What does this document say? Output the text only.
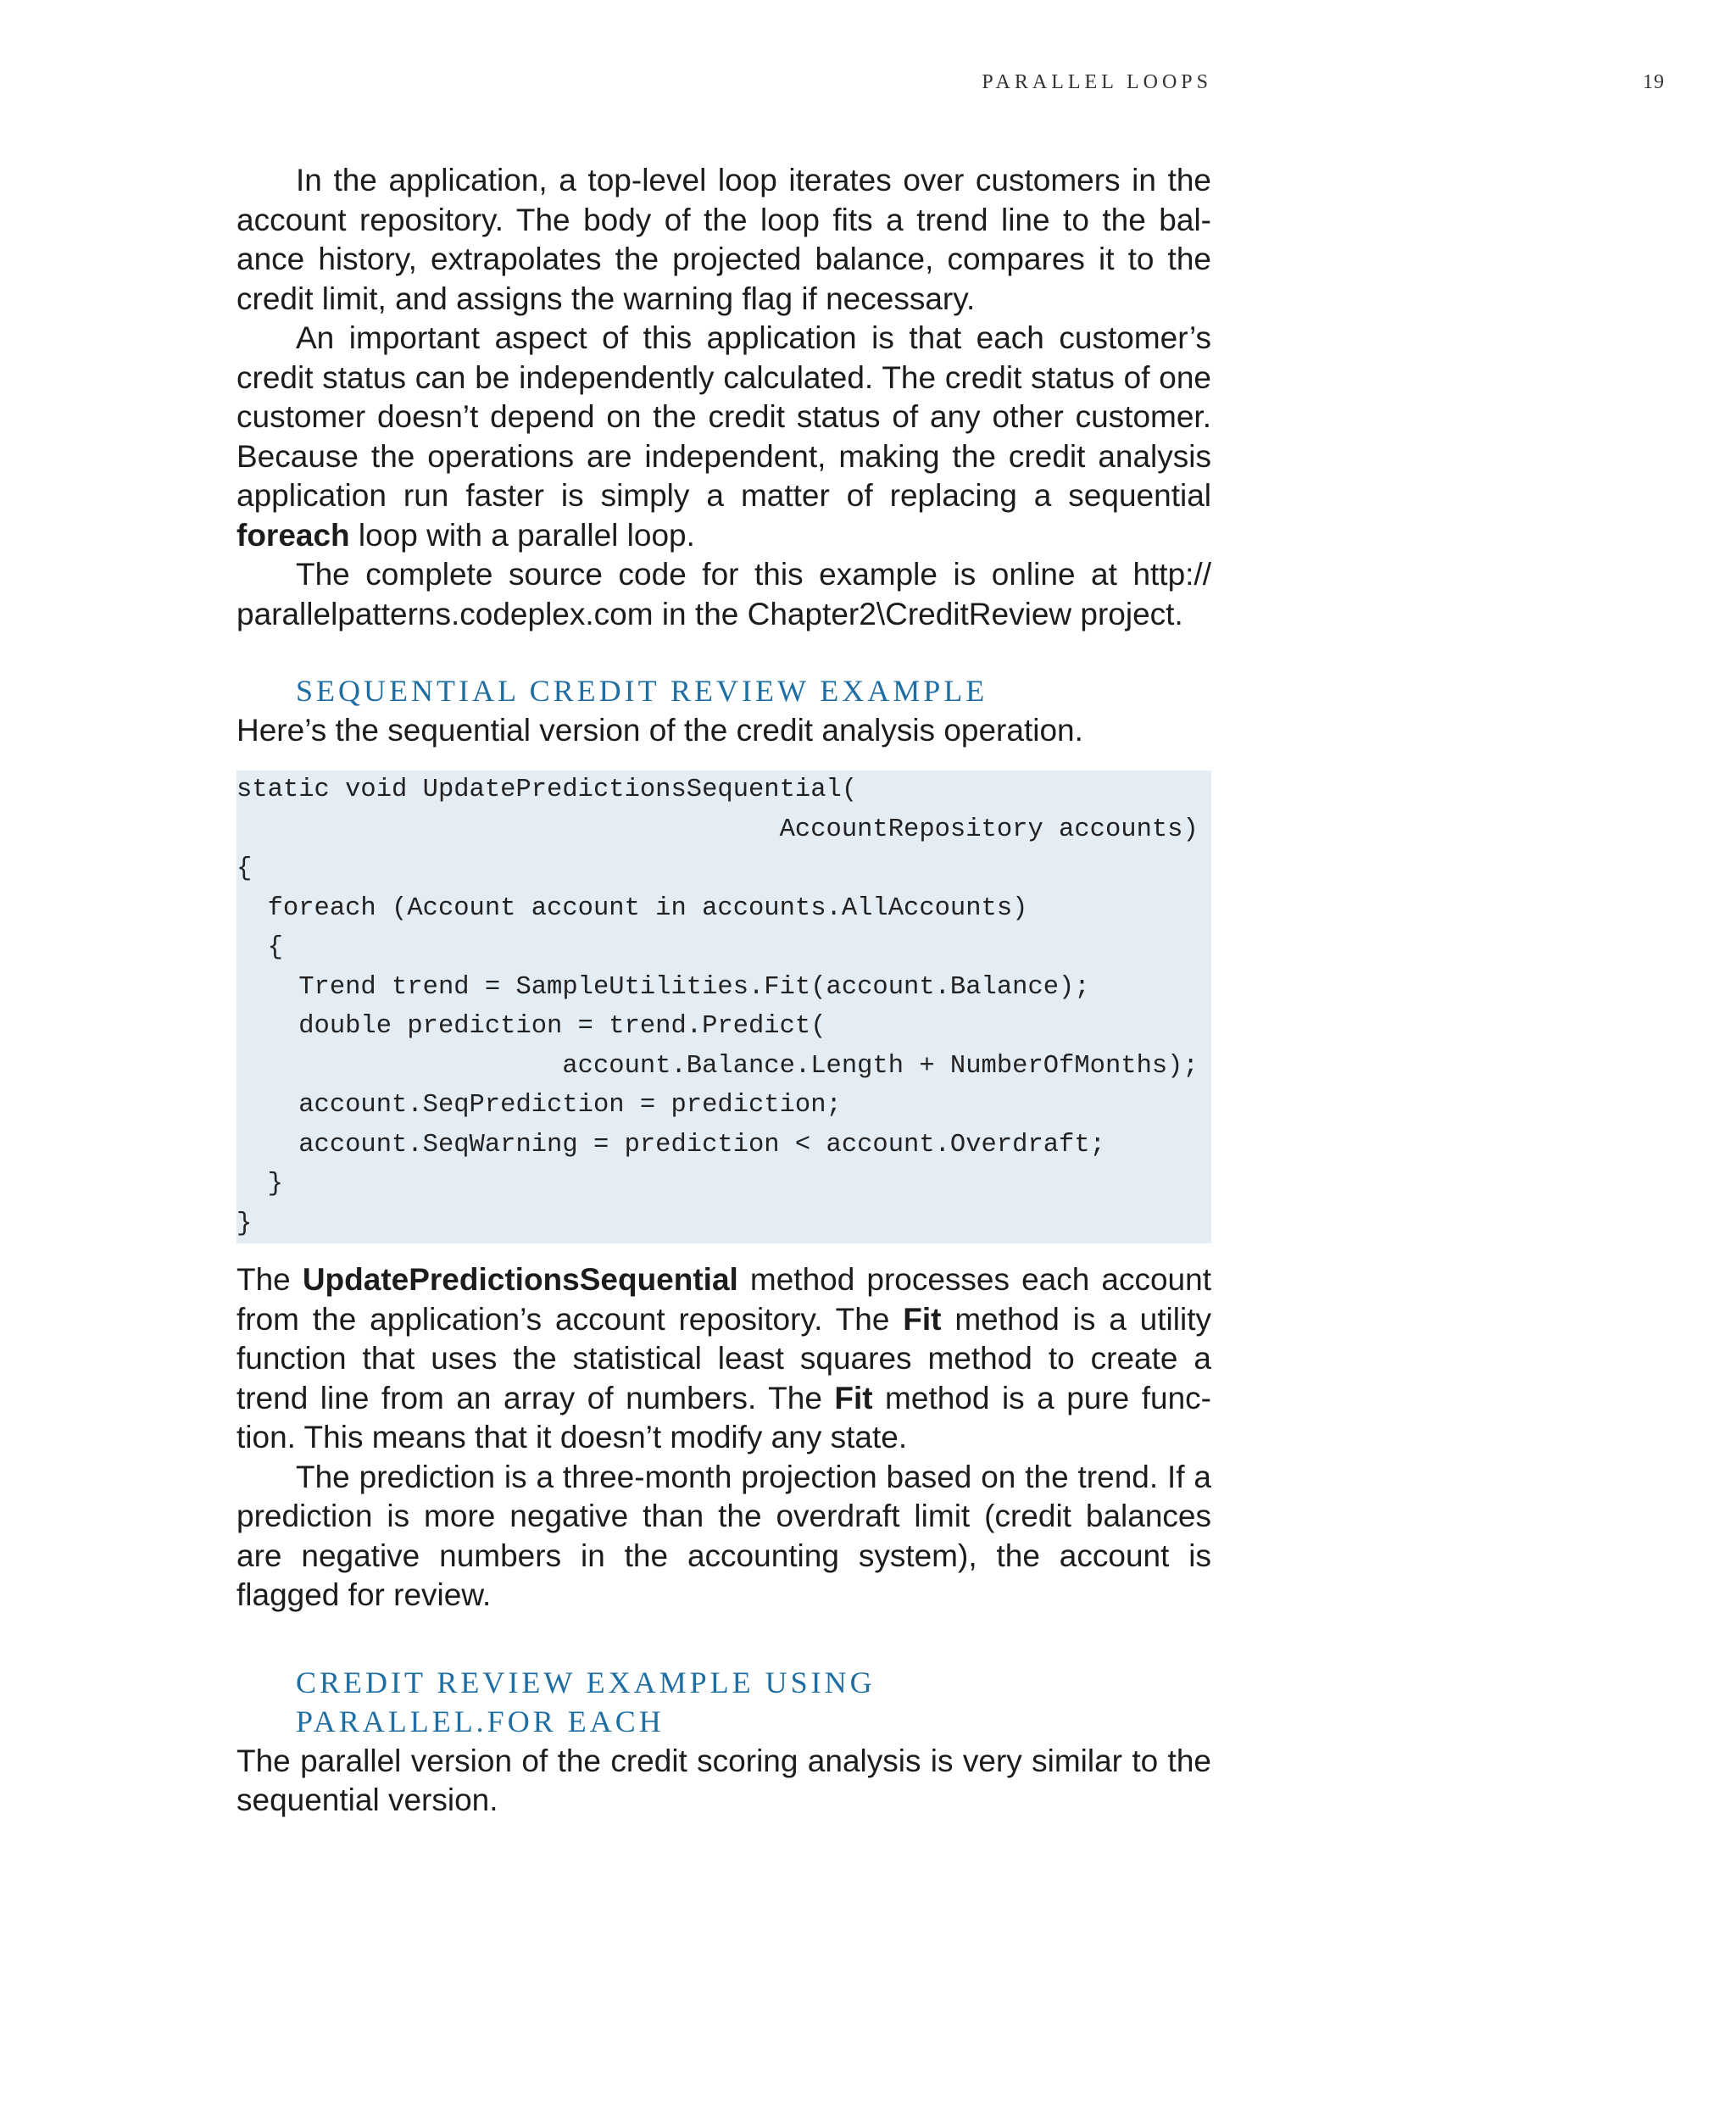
PARALLEL LOOPS	19

In the application, a top-level loop iterates over customers in the account repository. The body of the loop fits a trend line to the balance history, extrapolates the projected balance, compares it to the credit limit, and assigns the warning flag if necessary.

An important aspect of this application is that each customer’s credit status can be independently calculated. The credit status of one customer doesn’t depend on the credit status of any other customer. Because the operations are independent, making the credit analysis application run faster is simply a matter of replacing a sequential foreach loop with a parallel loop.

The complete source code for this example is online at http://​parallelpatterns.codeplex.com in the Chapter2\CreditReview project.

SEQUENTIAL CREDIT REVIEW EXAMPLE

Here’s the sequential version of the credit analysis operation.

static void UpdatePredictionsSequential(
AccountRepository accounts)
{
foreach (Account account in accounts.AllAccounts)
{
Trend trend = SampleUtilities.Fit(account.Balance);
double prediction = trend.Predict(
account.Balance.Length + NumberOfMonths);
account.SeqPrediction = prediction;
account.SeqWarning = prediction < account.Overdraft;
}
}

The UpdatePredictionsSequential method processes each account from the application’s account repository. The Fit method is a utility function that uses the statistical least squares method to create a trend line from an array of numbers. The Fit method is a pure function. This means that it doesn’t modify any state.

The prediction is a three-month projection based on the trend. If a prediction is more negative than the overdraft limit (credit balances are negative numbers in the accounting system), the account is flagged for review.

CREDIT REVIEW EXAMPLE USING
PARALLEL.FOR EACH

The parallel version of the credit scoring analysis is very similar to the sequential version.
